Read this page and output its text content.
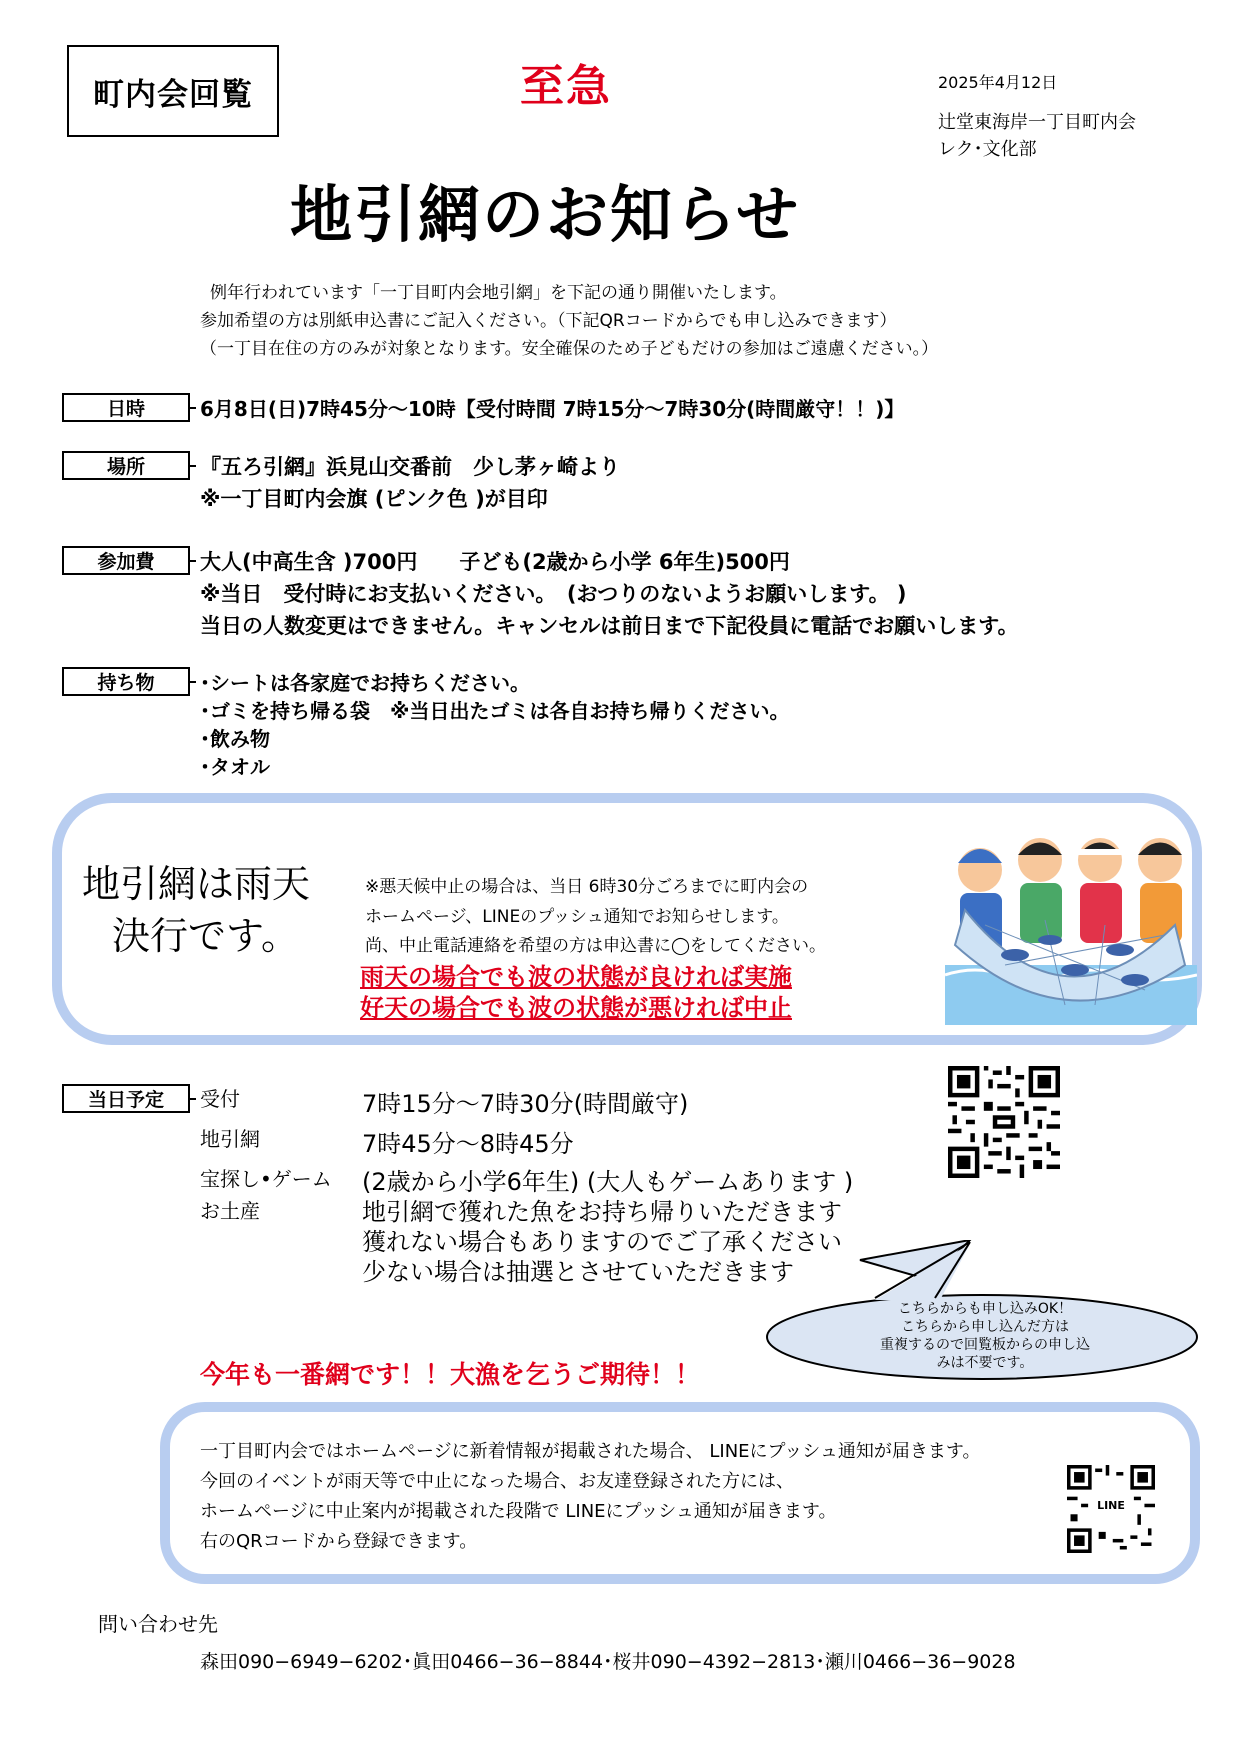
町内会回覧	至急	2025年4月12日
辻堂東海岸一丁目町内会
レク･文化部
地引網のお知らせ
例年行われています「一丁目町内会地引網」を下記の通り開催いたします。
参加希望の方は別紙申込書にご記入ください。（下記QRコードからでも申し込みできます）
（一丁目在住の方のみが対象となります。安全確保のため子どもだけの参加はご遠慮ください。）
日時	6月8日(日)7時45分～10時【受付時間 7時15分～7時30分(時間厳守！！)】
場所	『五ろ引網』浜見山交番前　少し茅ヶ崎より
※一丁目町内会旗 (ピンク色 )が目印
参加費	大人(中高生含 )700円　　子ども(2歳から小学 6年生)500円
※当日　受付時にお支払いください。　(おつりのないようお願いします。 )
当日の人数変更はできません。キャンセルは前日まで下記役員に電話でお願いします。
持ち物	･シートは各家庭でお持ちください。
･ゴミを持ち帰る袋　※当日出たゴミは各自お持ち帰りください。
･飲み物
･タオル
地引網は雨天
決行です。
※悪天候中止の場合は、当日 6時30分ごろまでに町内会の
ホームページ、LINEのプッシュ通知でお知らせします。
尚、中止電話連絡を希望の方は申込書に◯をしてください。
雨天の場合でも波の状態が良ければ実施
好天の場合でも波の状態が悪ければ中止
当日予定	受付	7時15分～7時30分(時間厳守)
地引網	7時45分～8時45分
宝探し•ゲーム (2歳から小学6年生) (大人もゲームあります )
お土産	地引網で獲れた魚をお持ち帰りいただきます
獲れない場合もありますのでご了承ください
少ない場合は抽選とさせていただきます
こちらからも申し込みOK！
こちらから申し込んだ方は
重複するので回覧板からの申し込
みは不要です。
今年も一番網です！！大漁を乞うご期待！！
一丁目町内会ではホームページに新着情報が掲載された場合、 LINEにプッシュ通知が届きます。
今回のイベントが雨天等で中止になった場合、お友達登録された方には、
ホームページに中止案内が掲載された段階で LINEにプッシュ通知が届きます。
右のQRコードから登録できます。
LINE
問い合わせ先
森田090−6949−6202･眞田0466−36−8844･桜井090−4392−2813･瀬川0466−36−9028
